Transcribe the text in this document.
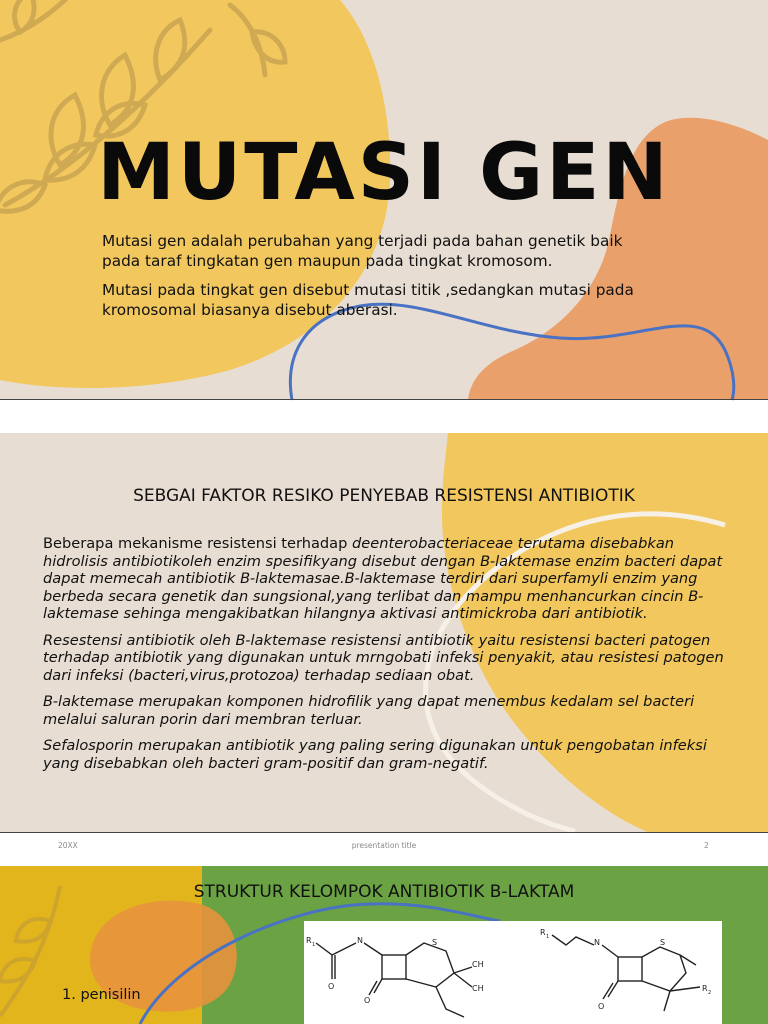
MUTASI GEN

Mutasi gen adalah perubahan yang terjadi pada bahan genetik baik pada taraf tingkatan gen maupun pada tingkat kromosom.

Mutasi pada tingkat gen disebut mutasi titik ,sedangkan mutasi pada kromosomal biasanya disebut aberasi.

SEBGAI FAKTOR RESIKO PENYEBAB RESISTENSI ANTIBIOTIK

Beberapa mekanisme resistensi terhadap deenterobacteriaceae terutama disebabkan hidrolisis antibiotikoleh enzim spesifikyang disebut dengan B-laktemase enzim bacteri dapat dapat memecah antibiotik B-laktemasae.B-laktemase terdiri dari superfamyli enzim yang berbeda secara genetik dan sungsional,yang terlibat dan mampu menhancurkan cincin B-laktemase sehinga mengakibatkan hilangnya aktivasi antimickroba dari antibiotik.

Resestensi antibiotik oleh B-laktemase resistensi antibiotik yaitu resistensi bacteri patogen terhadap antibiotik yang digunakan untuk mrngobati infeksi penyakit, atau resistesi patogen dari infeksi (bacteri,virus,protozoa) terhadap sediaan obat.

B-laktemase merupakan komponen hidrofilik yang dapat menembus kedalam sel bacteri melalui saluran porin dari membran terluar.

Sefalosporin merupakan antibiotik yang paling sering digunakan untuk pengobatan infeksi yang disebabkan oleh bacteri gram-positif dan gram-negatif.

20XX	presentation title	2
STRUKTUR KELOMPOK ANTIBIOTIK B-LAKTAM
1. penisilin
R 1	N
O
O
S
CH
CH
R 1
N	S
O
R 2
